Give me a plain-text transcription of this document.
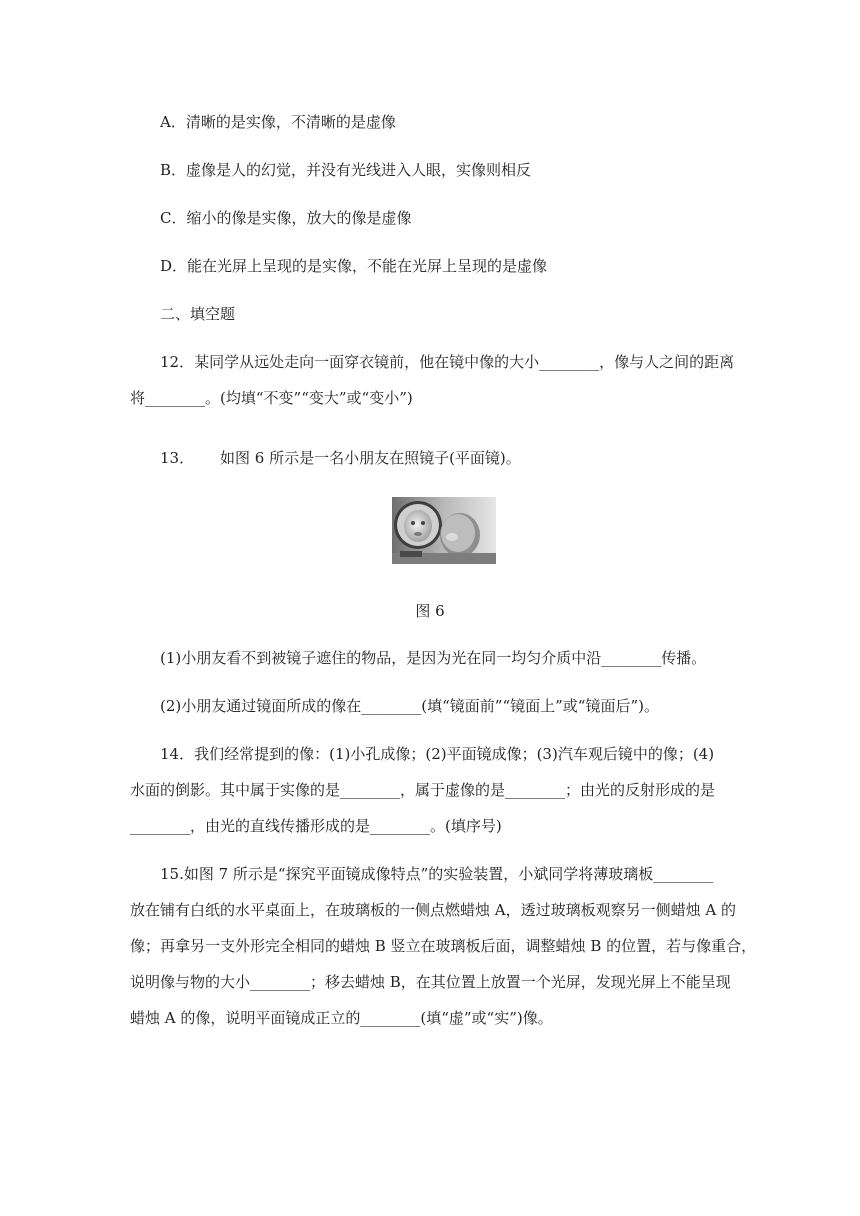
A．清晰的是实像，不清晰的是虚像
B．虚像是人的幻觉，并没有光线进入人眼，实像则相反
C．缩小的像是实像，放大的像是虚像
D．能在光屏上呈现的是实像，不能在光屏上呈现的是虚像
二、填空题
12．某同学从远处走向一面穿衣镜前，他在镜中像的大小________，像与人之间的距离
将________。(均填“不变”“变大”或“变小”)
13． 如图 6 所示是一名小朋友在照镜子(平面镜)。
图 6
(1)小朋友看不到被镜子遮住的物品，是因为光在同一均匀介质中沿________传播。
(2)小朋友通过镜面所成的像在________(填“镜面前”“镜面上”或“镜面后”)。
14．我们经常提到的像：(1)小孔成像；(2)平面镜成像；(3)汽车观后镜中的像；(4)
水面的倒影。其中属于实像的是________，属于虚像的是________；由光的反射形成的是
________，由光的直线传播形成的是________。(填序号)
15.如图 7 所示是“探究平面镜成像特点”的实验装置，小斌同学将薄玻璃板________
放在铺有白纸的水平桌面上，在玻璃板的一侧点燃蜡烛 A，透过玻璃板观察另一侧蜡烛 A 的
像；再拿另一支外形完全相同的蜡烛 B 竖立在玻璃板后面，调整蜡烛 B 的位置，若与像重合，
说明像与物的大小________；移去蜡烛 B，在其位置上放置一个光屏，发现光屏上不能呈现
蜡烛 A 的像，说明平面镜成正立的________(填“虚”或“实”)像。
